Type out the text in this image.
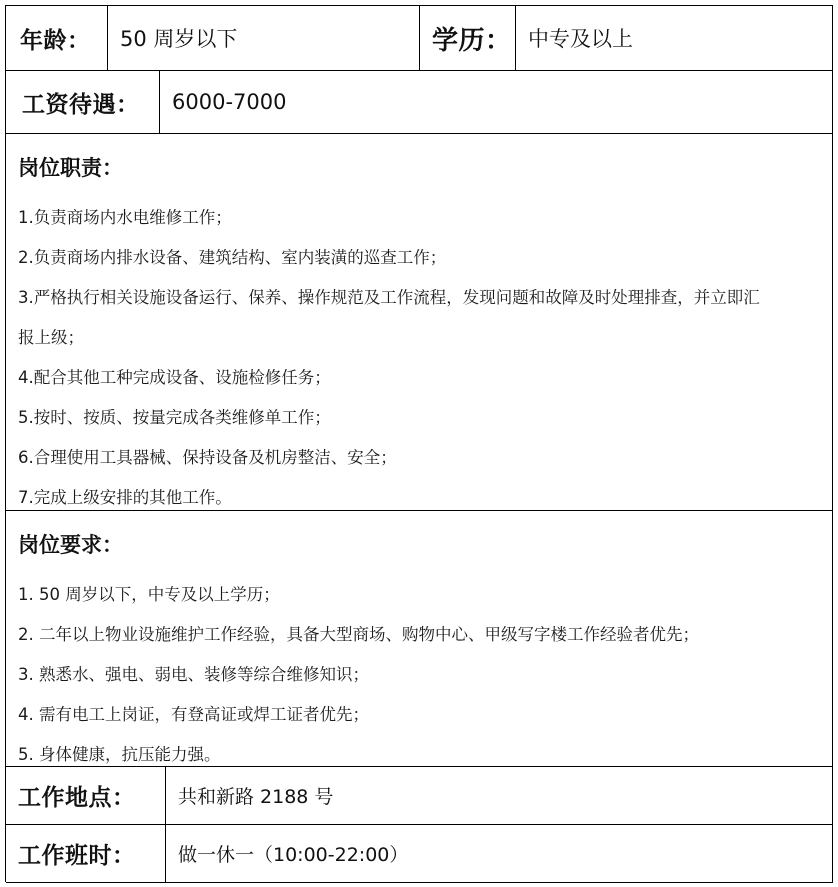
年龄： 50 周岁以下	学历： 中专及以上
工资待遇： 6000-7000
岗位职责：
1.负责商场内水电维修工作；
2.负责商场内排水设备、建筑结构、室内装潢的巡查工作；
3.严格执行相关设施设备运行、保养、操作规范及工作流程，发现问题和故障及时处理排查，并立即汇
报上级；
4.配合其他工种完成设备、设施检修任务；
5.按时、按质、按量完成各类维修单工作；
6.合理使用工具器械、保持设备及机房整洁、安全；
7.完成上级安排的其他工作。
岗位要求：
1. 50 周岁以下，中专及以上学历；
2. 二年以上物业设施维护工作经验，具备大型商场、购物中心、甲级写字楼工作经验者优先；
3. 熟悉水、强电、弱电、装修等综合维修知识；
4. 需有电工上岗证，有登高证或焊工证者优先；
5. 身体健康，抗压能力强。
工作地点： 共和新路 2188 号
工作班时： 做一休一（10:00-22:00）
